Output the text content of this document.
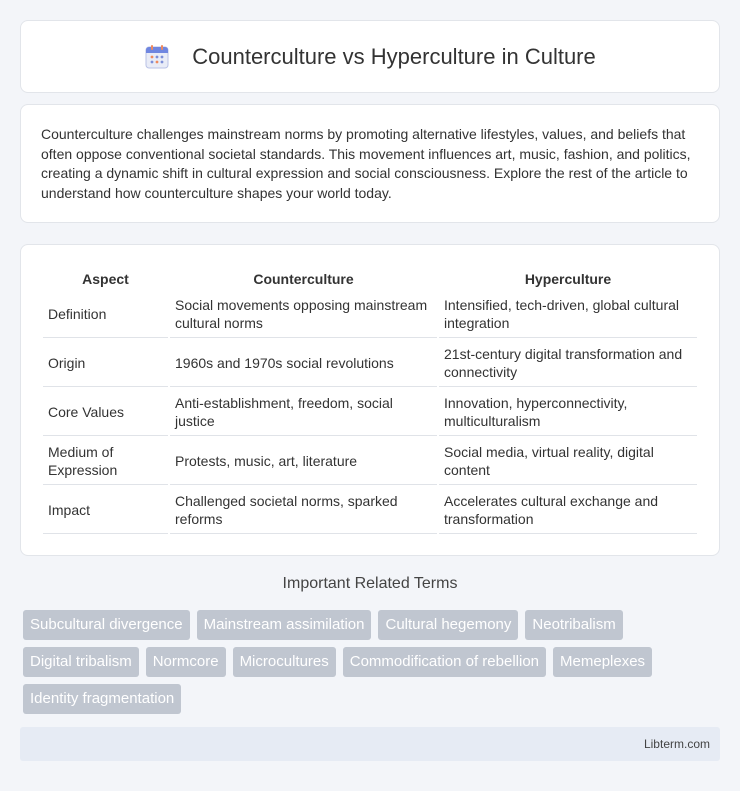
Counterculture vs Hyperculture in Culture

Counterculture challenges mainstream norms by promoting alternative lifestyles, values, and beliefs that often oppose conventional societal standards. This movement influences art, music, fashion, and politics, creating a dynamic shift in cultural expression and social consciousness. Explore the rest of the article to understand how counterculture shapes your world today.

Aspect	Counterculture	Hyperculture
Definition	Social movements opposing mainstream cultural norms	Intensified, tech-driven, global cultural integration
Origin	1960s and 1970s social revolutions	21st-century digital transformation and connectivity
Core Values	Anti-establishment, freedom, social justice	Innovation, hyperconnectivity, multiculturalism
Medium of Expression	Protests, music, art, literature	Social media, virtual reality, digital content
Impact	Challenged societal norms, sparked reforms	Accelerates cultural exchange and transformation
Important Related Terms
Subcultural divergence	Mainstream assimilation	Cultural hegemony	Neotribalism
Digital tribalism	Normcore	Microcultures	Commodification of rebellion	Memeplexes
Identity fragmentation
Libterm.com
